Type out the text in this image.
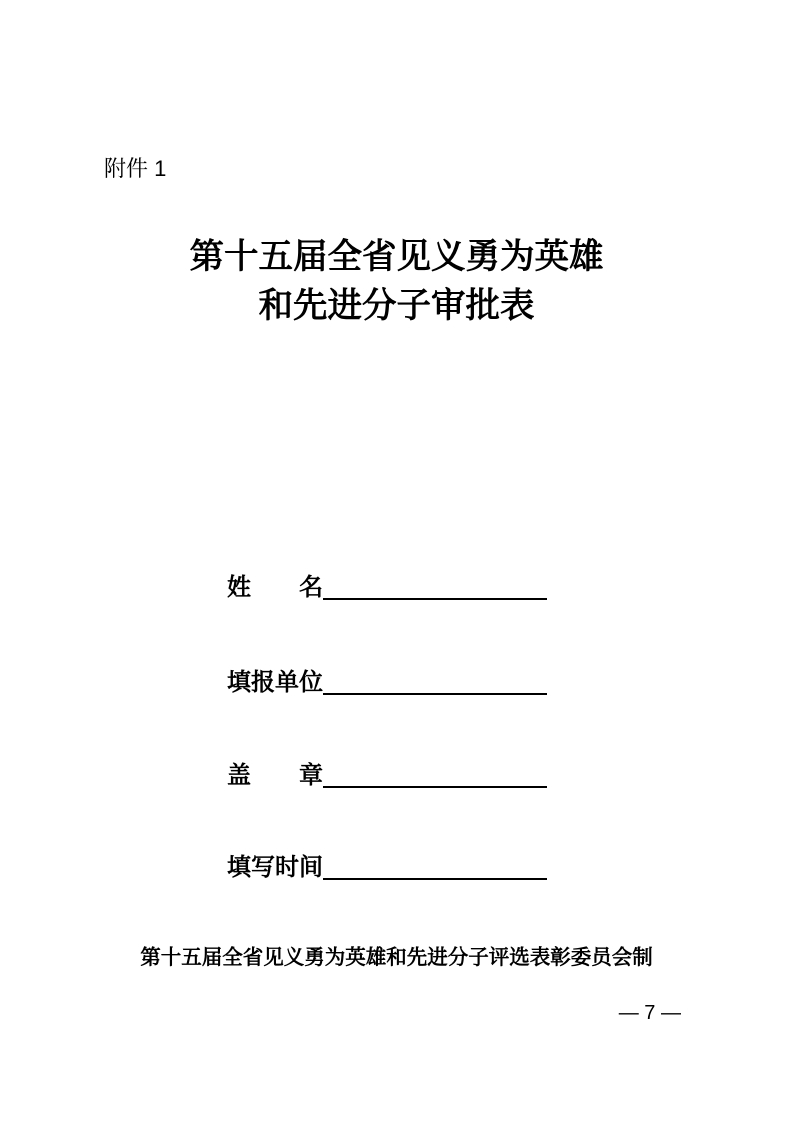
附件 1
第十五届全省见义勇为英雄
和先进分子审批表
姓名
填报单位
盖章
填写时间
第十五届全省见义勇为英雄和先进分子评选表彰委员会制
— 7 —
